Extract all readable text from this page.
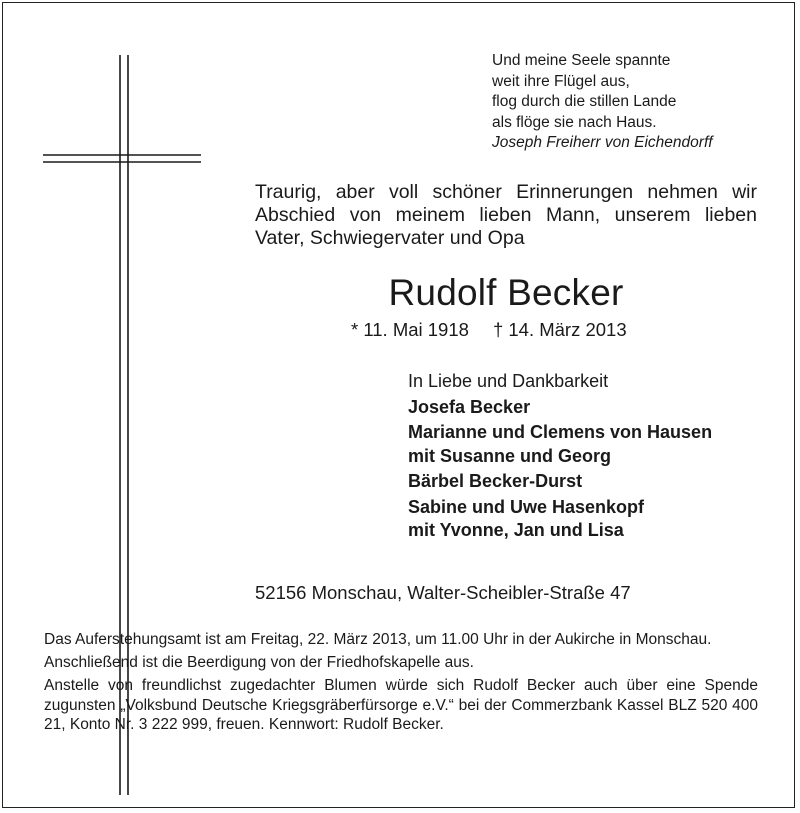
Und meine Seele spannte
weit ihre Flügel aus,
flog durch die stillen Lande
als flöge sie nach Haus.
Joseph Freiherr von Eichendorff
Traurig, aber voll schöner Erinnerungen nehmen wir Abschied von meinem lieben Mann, unserem lieben Vater, Schwiegervater und Opa
Rudolf Becker
* 11. Mai 1918 † 14. März 2013
In Liebe und Dankbarkeit
Josefa Becker
Marianne und Clemens von Hausen
mit Susanne und Georg
Bärbel Becker-Durst
Sabine und Uwe Hasenkopf
mit Yvonne, Jan und Lisa
52156 Monschau, Walter-Scheibler-Straße 47

Das Auferstehungsamt ist am Freitag, 22. März 2013, um 11.00 Uhr in der Aukirche in Monschau.

Anschließend ist die Beerdigung von der Friedhofskapelle aus.

Anstelle von freundlichst zugedachter Blumen würde sich Rudolf Becker auch über eine Spende zugunsten „Volksbund Deutsche Kriegsgräberfürsorge e.V.“ bei der Commerzbank Kassel BLZ 520 400 21, Konto Nr. 3 222 999, freuen. Kennwort: Rudolf Becker.
